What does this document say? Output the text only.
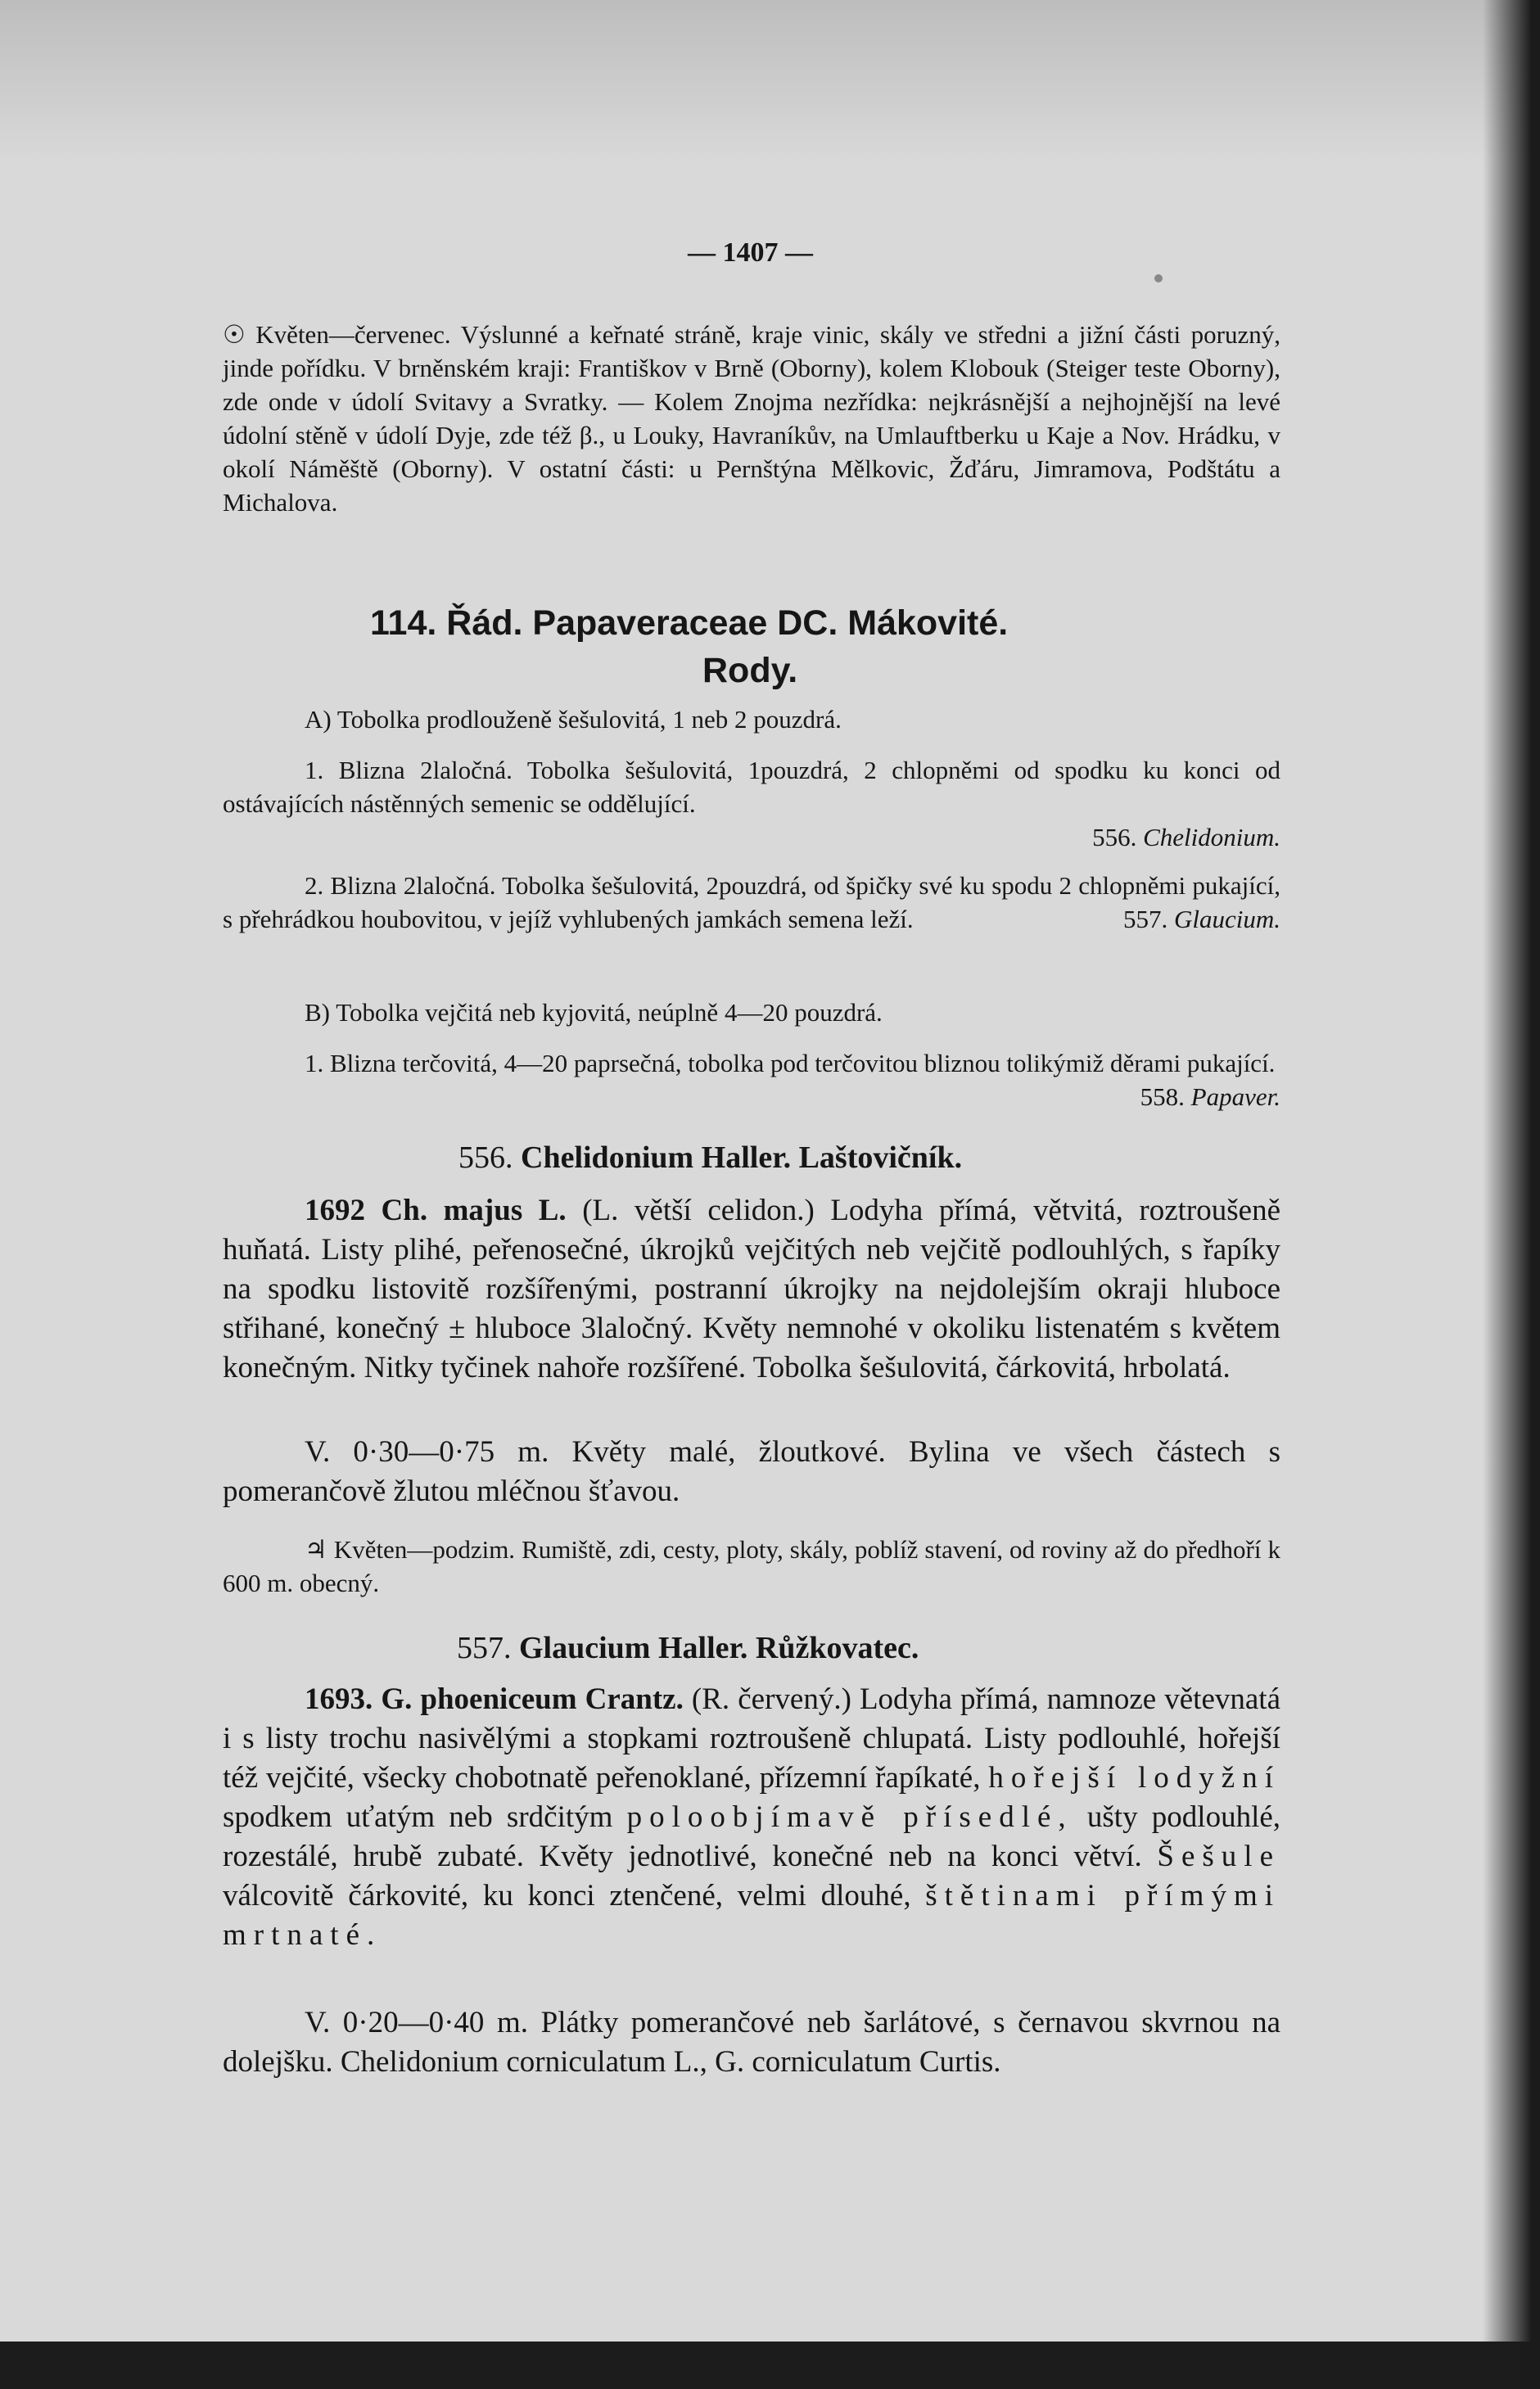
— 1407 —
☉ Květen—červenec. Výslunné a keřnaté stráně, kraje vinic, skály ve středni a jižní části poruzný, jinde pořídku. V brněnském kraji: Františkov v Brně (Oborny), kolem Klobouk (Steiger teste Oborny), zde onde v údolí Svitavy a Svratky. — Kolem Znojma nezřídka: nejkrásnější a nejhojnější na levé údolní stěně v údolí Dyje, zde též β., u Louky, Havraníkův, na Umlauftberku u Kaje a Nov. Hrádku, v okolí Náměště (Oborny). V ostatní části: u Pernštýna Mělkovic, Žďáru, Jimramova, Podštátu a Michalova.
114. Řád. Papaveraceae DC. Mákovité.
Rody.
A) Tobolka prodlouženě šešulovitá, 1 neb 2 pouzdrá.
1. Blizna 2laločná. Tobolka šešulovitá, 1pouzdrá, 2 chlopněmi od spodku ku konci od ostávajících nástěnných semenic se oddělující.
556. Chelidonium.
2. Blizna 2laločná. Tobolka šešulovitá, 2pouzdrá, od špičky své ku spodu 2 chlopněmi pukající, s přehrádkou houbovitou, v jejíž vyhlubených jamkách semena leží.	557. Glaucium.
B) Tobolka vejčitá neb kyjovitá, neúplně 4—20 pouzdrá.
1. Blizna terčovitá, 4—20 paprsečná, tobolka pod terčovitou bliznou tolikýmiž děrami pukající.
558. Papaver.
556. Chelidonium Haller. Laštovičník.
1692 Ch. majus L. (L. větší celidon.) Lodyha přímá, větvitá, roztroušeně huňatá. Listy plihé, peřenosečné, úkrojků vejčitých neb vejčitě podlouhlých, s řapíky na spodku listovitě rozšířenými, postranní úkrojky na nejdolejším okraji hluboce střihané, konečný ± hluboce 3laločný. Květy nemnohé v okoliku listenatém s květem konečným. Nitky tyčinek nahoře rozšířené. Tobolka šešulovitá, čárkovitá, hrbolatá.
V. 0·30—0·75 m. Květy malé, žloutkové. Bylina ve všech částech s pomerančově žlutou mléčnou šťavou.
♃ Květen—podzim. Rumiště, zdi, cesty, ploty, skály, poblíž stavení, od roviny až do předhoří k 600 m. obecný.
557. Glaucium Haller. Růžkovatec.
1693. G. phoeniceum Crantz. (R. červený.) Lodyha přímá, namnoze větevnatá i s listy trochu nasivělými a stopkami roztroušeně chlupatá. Listy podlouhlé, hořejší též vejčité, všecky chobotnatě peřenoklané, přízemní řapíkaté, hořejší lodyžní spodkem uťatým neb srdčitým poloobjímavě přísedlé, ušty podlouhlé, rozestálé, hrubě zubaté. Květy jednotlivé, konečné neb na konci větví. Šešule válcovitě čárkovité, ku konci ztenčené, velmi dlouhé, štětinami přímými mrtnaté.
V. 0·20—0·40 m. Plátky pomerančové neb šarlátové, s černavou skvrnou na dolejšku. Chelidonium corniculatum L., G. corniculatum Curtis.
